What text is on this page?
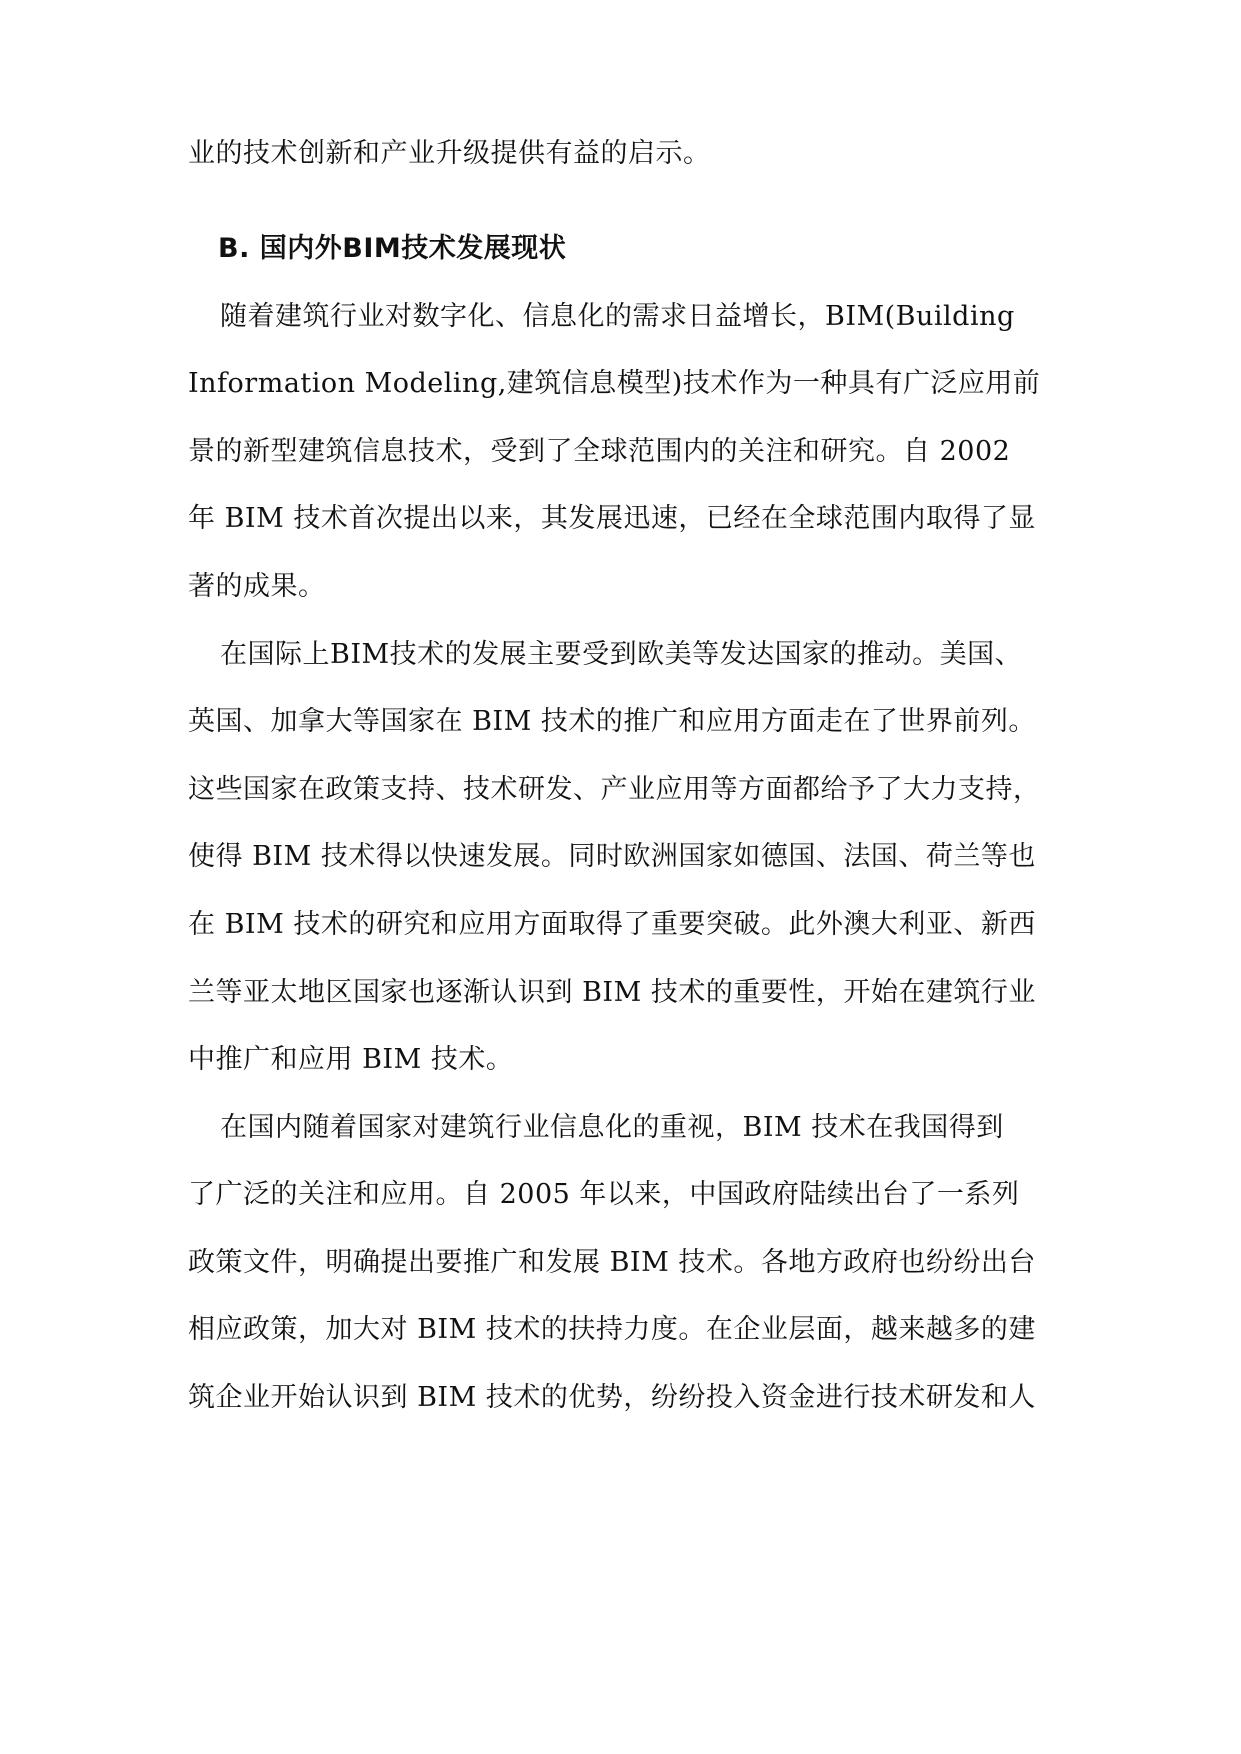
业的技术创新和产业升级提供有益的启示。
B. 国内外BIM技术发展现状
随着建筑行业对数字化、信息化的需求日益增长，BIM(Building
Information Modeling,建筑信息模型)技术作为一种具有广泛应用前
景的新型建筑信息技术，受到了全球范围内的关注和研究。自 2002
年 BIM 技术首次提出以来，其发展迅速，已经在全球范围内取得了显
著的成果。
在国际上BIM技术的发展主要受到欧美等发达国家的推动。美国、
英国、加拿大等国家在 BIM 技术的推广和应用方面走在了世界前列。
这些国家在政策支持、技术研发、产业应用等方面都给予了大力支持，
使得 BIM 技术得以快速发展。同时欧洲国家如德国、法国、荷兰等也
在 BIM 技术的研究和应用方面取得了重要突破。此外澳大利亚、新西
兰等亚太地区国家也逐渐认识到 BIM 技术的重要性，开始在建筑行业
中推广和应用 BIM 技术。
在国内随着国家对建筑行业信息化的重视，BIM 技术在我国得到
了广泛的关注和应用。自 2005 年以来，中国政府陆续出台了一系列
政策文件，明确提出要推广和发展 BIM 技术。各地方政府也纷纷出台
相应政策，加大对 BIM 技术的扶持力度。在企业层面，越来越多的建
筑企业开始认识到 BIM 技术的优势，纷纷投入资金进行技术研发和人
